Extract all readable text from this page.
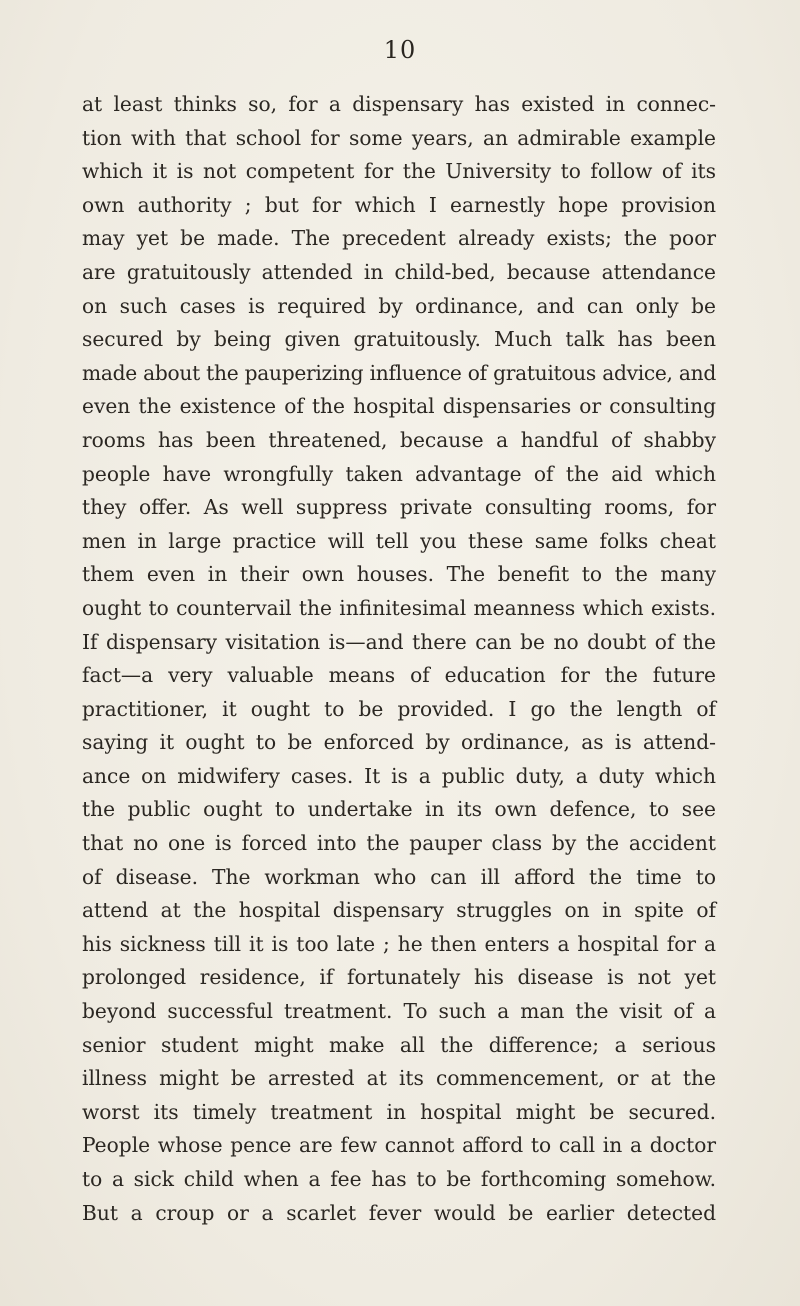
10
at least thinks so, for a dispensary has existed in connec-
tion with that school for some years, an admirable example
which it is not competent for the University to follow of its
own authority ; but for which I earnestly hope provision
may yet be made. The precedent already exists; the poor
are gratuitously attended in child-bed, because attendance
on such cases is required by ordinance, and can only be
secured by being given gratuitously. Much talk has been
made about the pauperizing influence of gratuitous advice, and
even the existence of the hospital dispensaries or consulting
rooms has been threatened, because a handful of shabby
people have wrongfully taken advantage of the aid which
they offer. As well suppress private consulting rooms, for
men in large practice will tell you these same folks cheat
them even in their own houses. The benefit to the many
ought to countervail the infinitesimal meanness which exists.
If dispensary visitation is—and there can be no doubt of the
fact—a very valuable means of education for the future
practitioner, it ought to be provided. I go the length of
saying it ought to be enforced by ordinance, as is attend-
ance on midwifery cases. It is a public duty, a duty which
the public ought to undertake in its own defence, to see
that no one is forced into the pauper class by the accident
of disease. The workman who can ill afford the time to
attend at the hospital dispensary struggles on in spite of
his sickness till it is too late ; he then enters a hospital for a
prolonged residence, if fortunately his disease is not yet
beyond successful treatment. To such a man the visit of a
senior student might make all the difference; a serious
illness might be arrested at its commencement, or at the
worst its timely treatment in hospital might be secured.
People whose pence are few cannot afford to call in a doctor
to a sick child when a fee has to be forthcoming somehow.
But a croup or a scarlet fever would be earlier detected
